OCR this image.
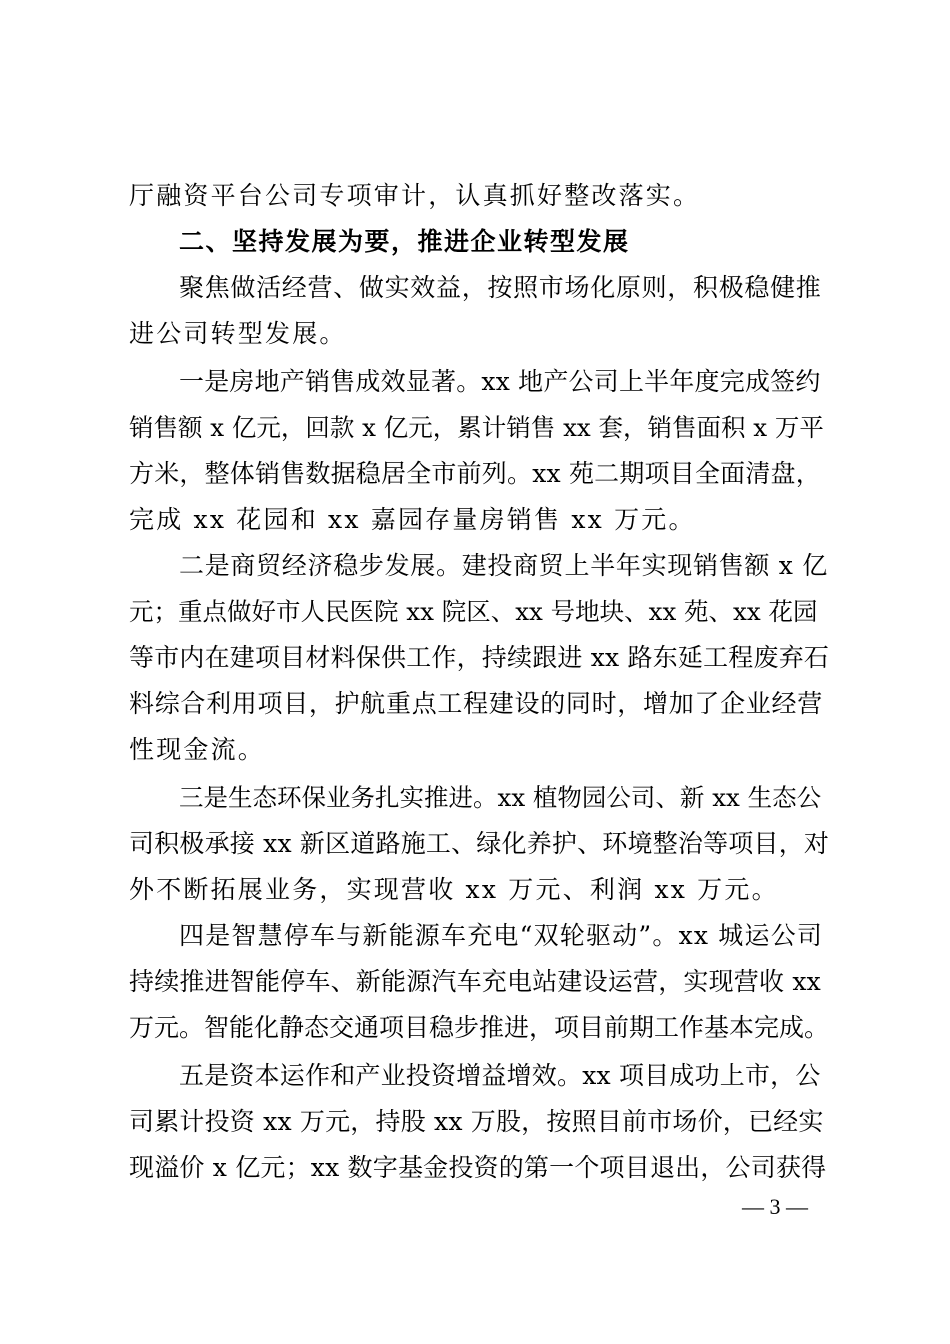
厅融资平台公司专项审计，认真抓好整改落实。
二、坚持发展为要，推进企业转型发展
聚焦做活经营、做实效益，按照市场化原则，积极稳健推
进公司转型发展。
一是房地产销售成效显著。xx 地产公司上半年度完成签约
销售额 x 亿元，回款 x 亿元，累计销售 xx 套，销售面积 x 万平
方米，整体销售数据稳居全市前列。xx 苑二期项目全面清盘，
完成 xx 花园和 xx 嘉园存量房销售 xx 万元。
二是商贸经济稳步发展。建投商贸上半年实现销售额 x 亿
元；重点做好市人民医院 xx 院区、xx 号地块、xx 苑、xx 花园
等市内在建项目材料保供工作，持续跟进 xx 路东延工程废弃石
料综合利用项目，护航重点工程建设的同时，增加了企业经营
性现金流。
三是生态环保业务扎实推进。xx 植物园公司、新 xx 生态公
司积极承接 xx 新区道路施工、绿化养护、环境整治等项目，对
外不断拓展业务，实现营收 xx 万元、利润 xx 万元。
四是智慧停车与新能源车充电“双轮驱动”。xx 城运公司
持续推进智能停车、新能源汽车充电站建设运营，实现营收 xx
万元。智能化静态交通项目稳步推进，项目前期工作基本完成。
五是资本运作和产业投资增益增效。xx 项目成功上市，公
司累计投资 xx 万元，持股 xx 万股，按照目前市场价，已经实
现溢价 x 亿元；xx 数字基金投资的第一个项目退出，公司获得
— 3 —
